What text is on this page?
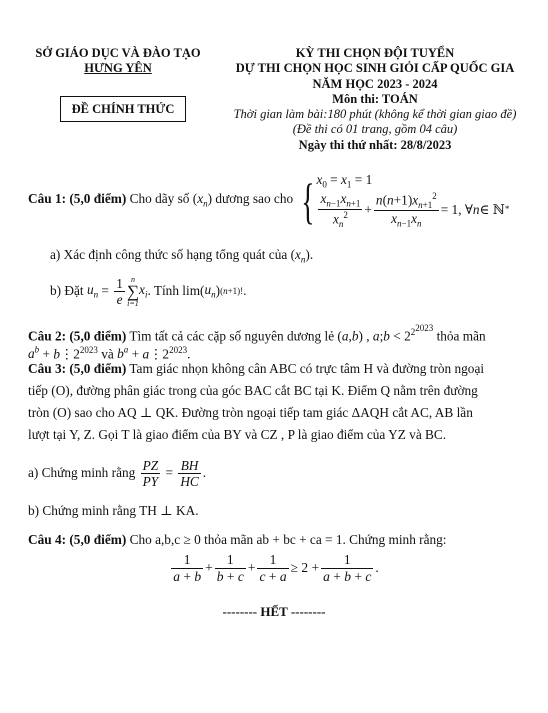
SỞ GIÁO DỤC VÀ ĐÀO TẠO
HƯNG YÊN
ĐỀ CHÍNH THỨC
KỲ THI CHỌN ĐỘI TUYỂN
DỰ THI CHỌN HỌC SINH GIỎI CẤP QUỐC GIA
NĂM HỌC 2023 - 2024
Môn thi: TOÁN
Thời gian làm bài:180 phút (không kể thời gian giao đề)
(Đề thi có 01 trang, gồm 04 câu)
Ngày thi thứ nhất: 28/8/2023
Câu 1: (5,0 điểm) Cho dãy số $(x_n)$ dương sao cho { $x_0 = x_1 = 1$
$\frac{x_{n-1}x_{n+1}}{x_n^2} + \frac{n(n+1)x_{n+1}^2}{x_{n-1}x_n} = 1$, ∀ n ∈ ℕ *
a) Xác định công thức số hạng tổng quát của $(x_n)$.
b) Đặt
$u_n = \frac{1}{e}$ n
∑
i=1
$x_i$ . Tính lim( $u_n$ ) (n+1)! .
Câu 2: (5,0 điểm) Tìm tất cả các cặp số nguyên dương lẻ (a,b) , a;b < $2^{2^{2023}}$ thỏa mãn
$a^b$ + $b⋮2^{2023}$ và $b^a$ + $a⋮2^{2023}$.
Câu 3: (5,0 điểm) Tam giác nhọn không cân ABC có trực tâm H và đường tròn ngoại
tiếp (O), đường phân giác trong của góc BAC cắt BC tại K. Điểm Q nằm trên đường
tròn (O) sao cho AQ ⊥ QK. Đường tròn ngoại tiếp tam giác ΔAQH cắt AC, AB lần
lượt tại Y, Z. Gọi T là giao điểm của BY và CZ , P là giao điểm của YZ và BC.
a) Chứng minh rằng
$\frac{PZ}{PY} = \frac{BH}{HC}$ .
b) Chứng minh rằng TH ⊥ KA.
Câu 4: (5,0 điểm) Cho a,b,c ≥ 0 thỏa mãn ab + bc + ca = 1. Chứng minh rằng:
$\frac{1}{a + b} + \frac{1}{b + c} + \frac{1}{c + a} \ge 2 + \frac{1}{a + b + c}$ .
-------- HẾT --------
